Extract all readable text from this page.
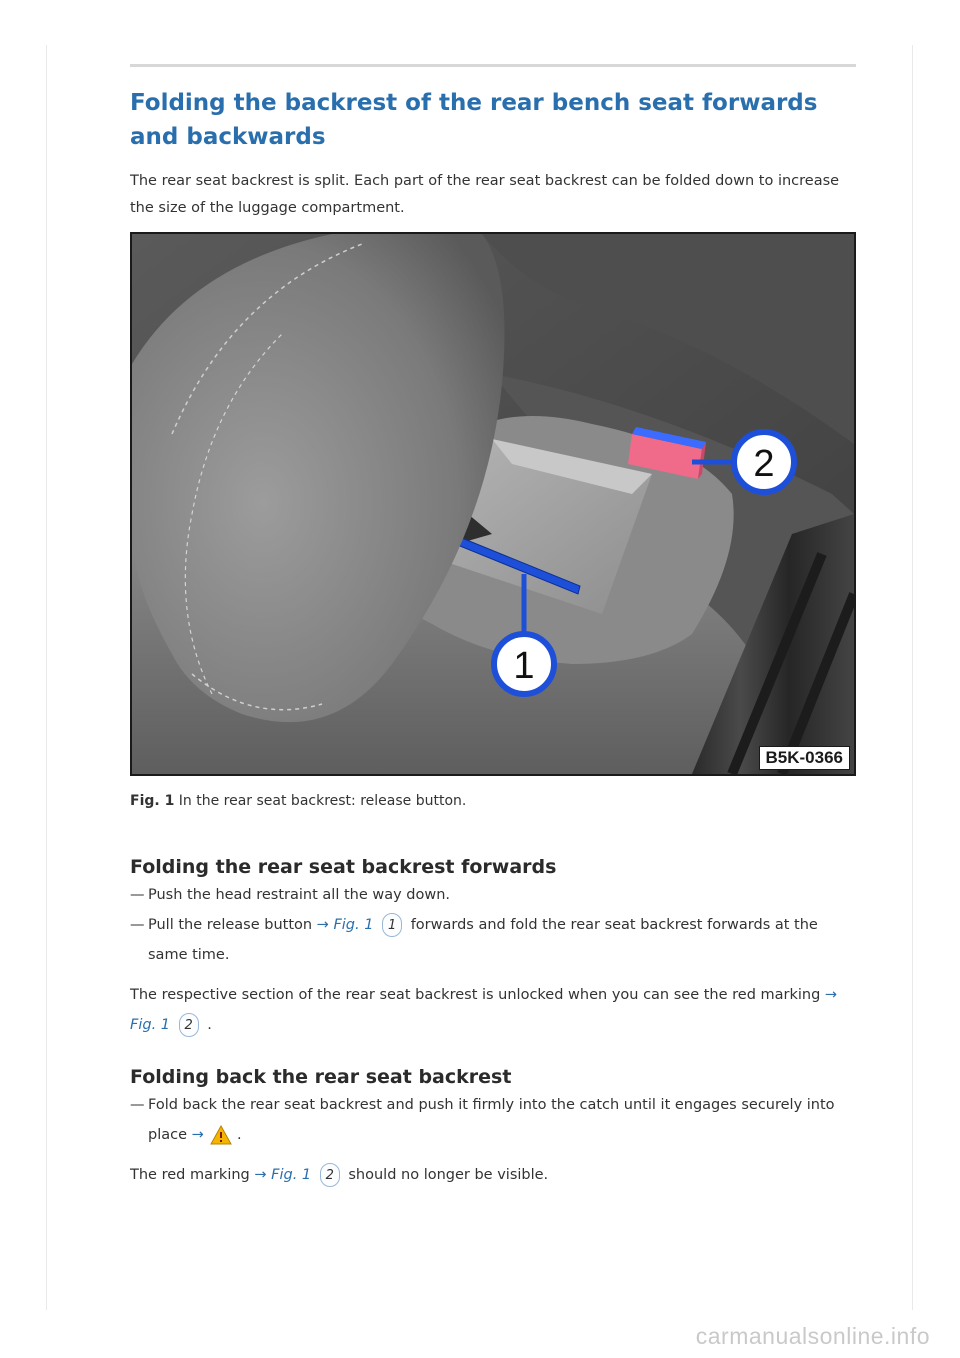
Folding the backrest of the rear bench seat forwards and backwards

The rear seat backrest is split. Each part of the rear seat backrest can be folded down to increase the size of the luggage compartment.

1
2
B5K-0366
Fig. 1 In the rear seat backrest: release button.
Folding the rear seat backrest forwards
— Push the head restraint all the way down.
— Pull the release button → Fig. 1 1 forwards and fold the rear seat backrest forwards at the same time.
The respective section of the rear seat backrest is unlocked when you can see the red marking → Fig. 1 2 .
Folding back the rear seat backrest
— Fold back the rear seat backrest and push it firmly into the catch until it engages securely into place → .
The red marking → Fig. 1 2 should no longer be visible.
carmanualsonline.info
